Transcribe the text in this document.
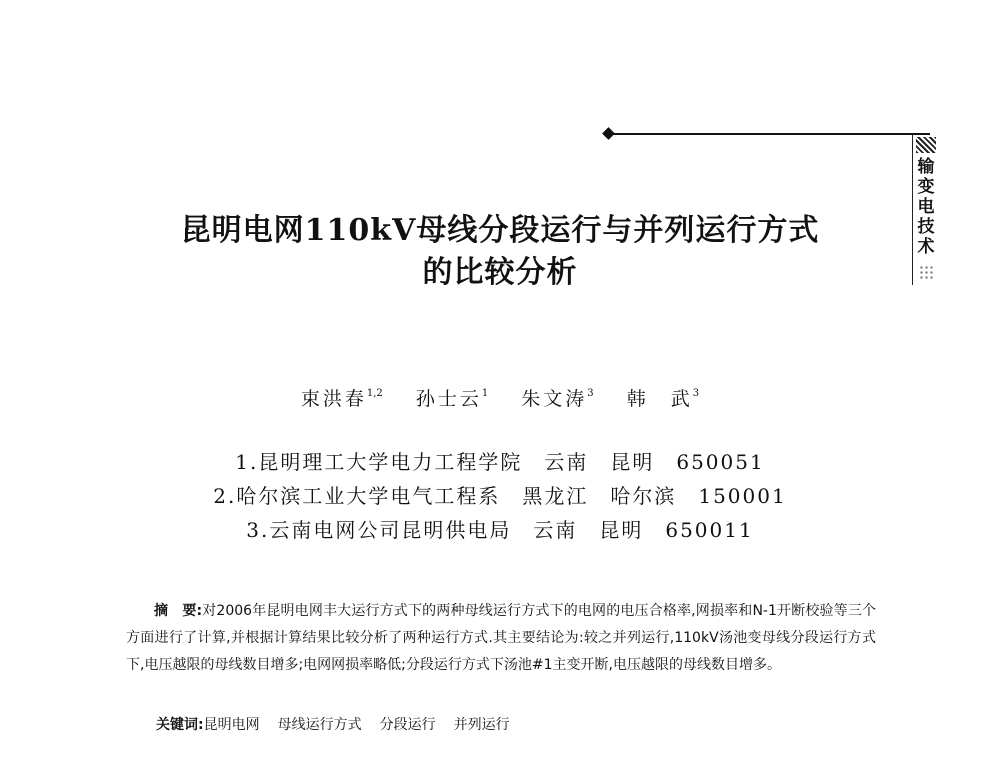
输变电技术
昆明电网110kV母线分段运行与并列运行方式
的比较分析
束洪春$^{1,2}$ 孙士云$^1$ 朱文涛$^3$ 韩　武$^3$
1.昆明理工大学电力工程学院　云南　昆明　650051
2.哈尔滨工业大学电气工程系　黑龙江　哈尔滨　150001
3.云南电网公司昆明供电局　云南　昆明　650011
摘　要:对2006年昆明电网丰大运行方式下的两种母线运行方式下的电网的电压合格率,网损率和N-1开断校验等三个方面进行了计算,并根据计算结果比较分析了两种运行方式.其主要结论为:较之并列运行,110kV汤池变母线分段运行方式下,电压越限的母线数目增多;电网网损率略低;分段运行方式下汤池#1主变开断,电压越限的母线数目增多。
关键词:昆明电网 母线运行方式 分段运行 并列运行
